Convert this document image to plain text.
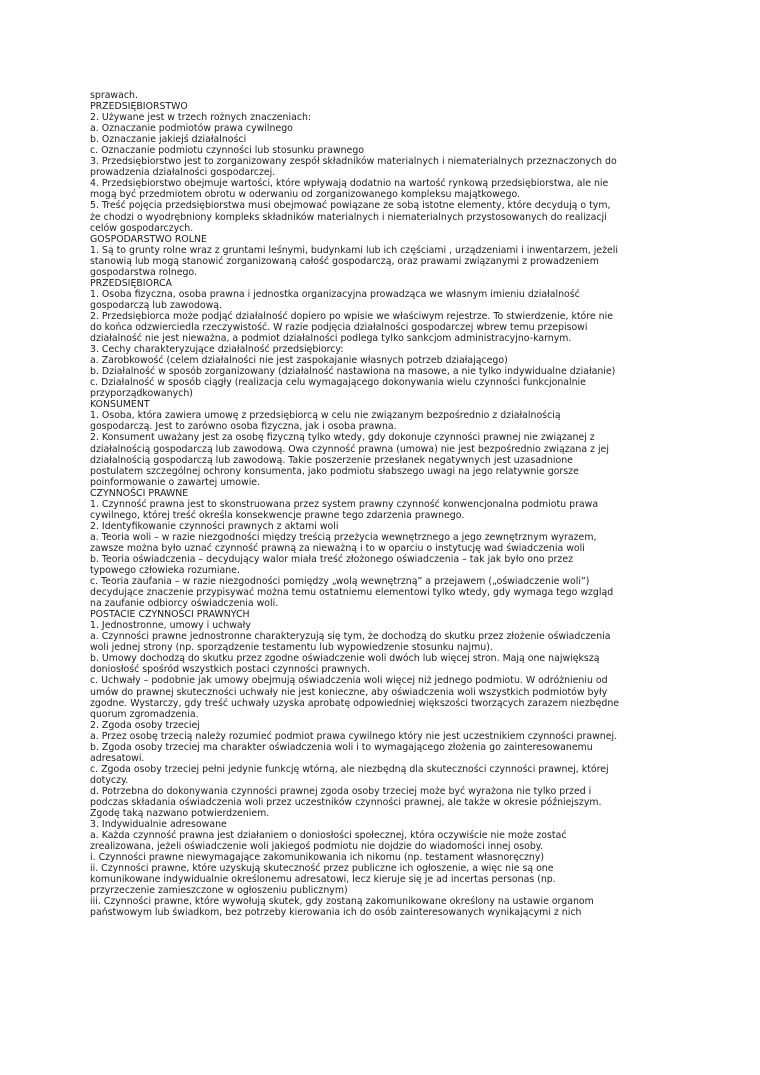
sprawach.
PRZEDSIĘBIORSTWO
2. Używane jest w trzech rożnych znaczeniach:
a. Oznaczanie podmiotów prawa cywilnego
b. Oznaczanie jakiejś działalności
c. Oznaczanie podmiotu czynności lub stosunku prawnego
3. Przedsiębiorstwo jest to zorganizowany zespół składników materialnych i niematerialnych przeznaczonych do
prowadzenia działalności gospodarczej.
4. Przedsiębiorstwo obejmuje wartości, które wpływają dodatnio na wartość rynkową przedsiębiorstwa, ale nie
mogą być przedmiotem obrotu w oderwaniu od zorganizowanego kompleksu majątkowego.
5. Treść pojęcia przedsiębiorstwa musi obejmować powiązane ze sobą istotne elementy, które decydują o tym,
że chodzi o wyodrębniony kompleks składników materialnych i niematerialnych przystosowanych do realizacji
celów gospodarczych.
GOSPODARSTWO ROLNE
1. Są to grunty rolne wraz z gruntami leśnymi, budynkami lub ich częściami , urządzeniami i inwentarzem, jeżeli
stanowią lub mogą stanowić zorganizowaną całość gospodarczą, oraz prawami związanymi z prowadzeniem
gospodarstwa rolnego.
PRZEDSIĘBIORCA
1. Osoba fizyczna, osoba prawna i jednostka organizacyjna prowadząca we własnym imieniu działalność
gospodarczą lub zawodową.
2. Przedsiębiorca może podjąć działalność dopiero po wpisie we właściwym rejestrze. To stwierdzenie, które nie
do końca odzwierciedla rzeczywistość. W razie podjęcia działalności gospodarczej wbrew temu przepisowi
działalność nie jest nieważna, a podmiot działalności podlega tylko sankcjom administracyjno-karnym.
3. Cechy charakteryzujące działalność przedsiębiorcy:
a. Zarobkowość (celem działalności nie jest zaspokajanie własnych potrzeb działającego)
b. Działalność w sposób zorganizowany (działalność nastawiona na masowe, a nie tylko indywidualne działanie)
c. Działalność w sposób ciągły (realizacja celu wymagającego dokonywania wielu czynności funkcjonalnie
przyporządkowanych)
KONSUMENT
1. Osoba, która zawiera umowę z przedsiębiorcą w celu nie związanym bezpośrednio z działalnością
gospodarczą. Jest to zarówno osoba fizyczna, jak i osoba prawna.
2. Konsument uważany jest za osobę fizyczną tylko wtedy, gdy dokonuje czynności prawnej nie związanej z
działalnością gospodarczą lub zawodową. Owa czynność prawna (umowa) nie jest bezpośrednio związana z jej
działalnością gospodarczą lub zawodową. Takie poszerzenie przesłanek negatywnych jest uzasadnione
postulatem szczególnej ochrony konsumenta, jako podmiotu słabszego uwagi na jego relatywnie gorsze
poinformowanie o zawartej umowie.
CZYNNOŚCI PRAWNE
1. Czynność prawna jest to skonstruowana przez system prawny czynność konwencjonalna podmiotu prawa
cywilnego, której treść określa konsekwencje prawne tego zdarzenia prawnego.
2. Identyfikowanie czynności prawnych z aktami woli
a. Teoria woli – w razie niezgodności między treścią przeżycia wewnętrznego a jego zewnętrznym wyrazem,
zawsze można było uznać czynność prawną za nieważną i to w oparciu o instytucję wad świadczenia woli
b. Teoria oświadczenia – decydujący walor miała treść złożonego oświadczenia – tak jak było ono przez
typowego człowieka rozumiane.
c. Teoria zaufania – w razie niezgodności pomiędzy „wolą wewnętrzną” a przejawem („oświadczenie woli”)
decydujące znaczenie przypisywać można temu ostatniemu elementowi tylko wtedy, gdy wymaga tego wzgląd
na zaufanie odbiorcy oświadczenia woli.
POSTACIE CZYNNOŚCI PRAWNYCH
1. Jednostronne, umowy i uchwały
a. Czynności prawne jednostronne charakteryzują się tym, że dochodzą do skutku przez złożenie oświadczenia
woli jednej strony (np. sporządzenie testamentu lub wypowiedzenie stosunku najmu).
b. Umowy dochodzą do skutku przez zgodne oświadczenie woli dwóch lub więcej stron. Mają one największą
doniosłość spośród wszystkich postaci czynności prawnych.
c. Uchwały – podobnie jak umowy obejmują oświadczenia woli więcej niż jednego podmiotu. W odróżnieniu od
umów do prawnej skuteczności uchwały nie jest konieczne, aby oświadczenia woli wszystkich podmiotów były
zgodne. Wystarczy, gdy treść uchwały uzyska aprobatę odpowiedniej większości tworzących zarazem niezbędne
quorum zgromadzenia.
2. Zgoda osoby trzeciej
a. Przez osobę trzecią należy rozumieć podmiot prawa cywilnego który nie jest uczestnikiem czynności prawnej.
b. Zgoda osoby trzeciej ma charakter oświadczenia woli i to wymagającego złożenia go zainteresowanemu
adresatowi.
c. Zgoda osoby trzeciej pełni jedynie funkcję wtórną, ale niezbędną dla skuteczności czynności prawnej, której
dotyczy.
d. Potrzebna do dokonywania czynności prawnej zgoda osoby trzeciej może być wyrażona nie tylko przed i
podczas składania oświadczenia woli przez uczestników czynności prawnej, ale także w okresie późniejszym.
Zgodę taką nazwano potwierdzeniem.
3. Indywidualnie adresowane
a. Każda czynność prawna jest działaniem o doniosłości społecznej, która oczywiście nie może zostać
zrealizowana, jeżeli oświadczenie woli jakiegoś podmiotu nie dojdzie do wiadomości innej osoby.
i. Czynności prawne niewymagające zakomunikowania ich nikomu (np. testament własnoręczny)
ii. Czynności prawne, które uzyskują skuteczność przez publiczne ich ogłoszenie, a więc nie są one
komunikowane indywidualnie określonemu adresatowi, lecz kieruje się je ad incertas personas (np.
przyrzeczenie zamieszczone w ogłoszeniu publicznym)
iii. Czynności prawne, które wywołują skutek, gdy zostaną zakomunikowane określony na ustawie organom
państwowym lub świadkom, bez potrzeby kierowania ich do osób zainteresowanych wynikającymi z nich
